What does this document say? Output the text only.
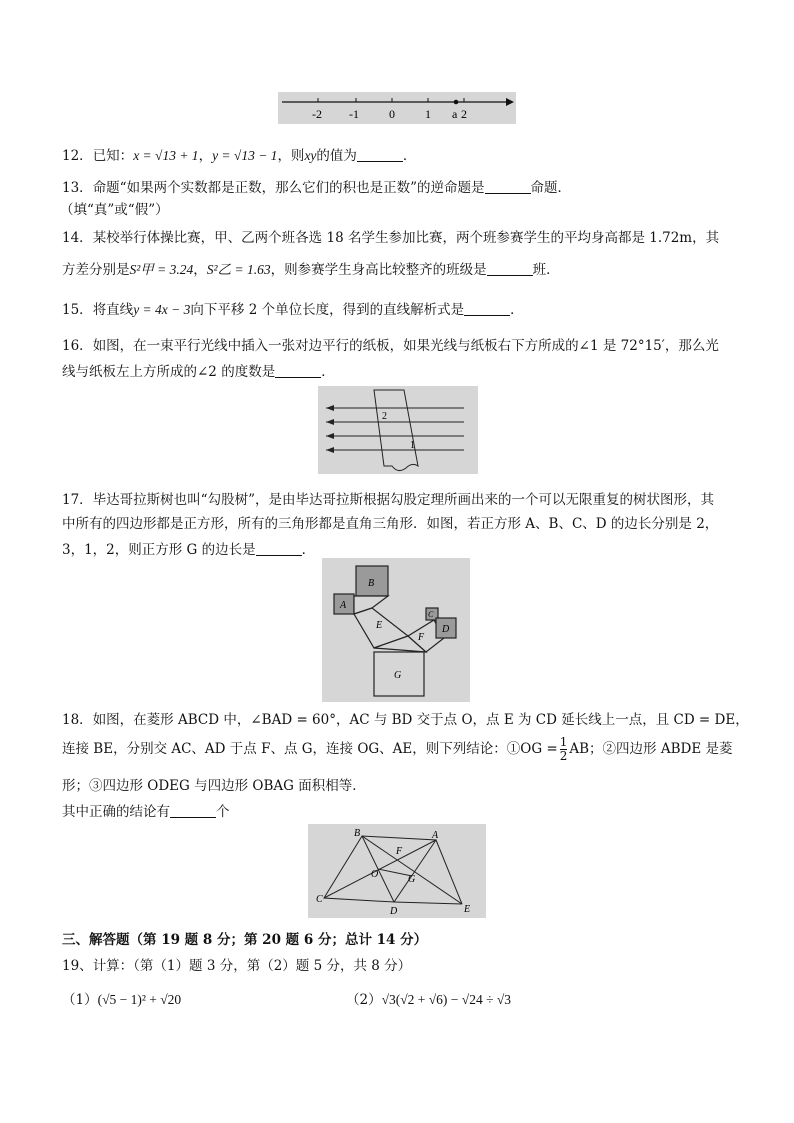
-2 -1	0	1 a 2
12．已知：x = √13 + 1，y = √13 − 1，则xy的值为	．
13．命题“如果两个实数都是正数，那么它们的积也是正数”的逆命题是	命题．
（填“真”或“假”）
14．某校举行体操比赛，甲、乙两个班各选 18 名学生参加比赛，两个班参赛学生的平均身高都是 1.72m，其
方差分别是S²甲 = 3.24，S²乙 = 1.63，则参赛学生身高比较整齐的班级是	班．
15．将直线y = 4x − 3向下平移 2 个单位长度，得到的直线解析式是	．
16．如图，在一束平行光线中插入一张对边平行的纸板，如果光线与纸板右下方所成的∠1 是 72°15′，那么光
线与纸板左上方所成的∠2 的度数是	．
2
1
17．毕达哥拉斯树也叫“勾股树”，是由毕达哥拉斯根据勾股定理所画出来的一个可以无限重复的树状图形，其
中所有的四边形都是正方形，所有的三角形都是直角三角形．如图，若正方形 A、B、C、D 的边长分别是 2，
3，1，2，则正方形 G 的边长是	．
B
A
E
C
D
F
G
18．如图，在菱形 ABCD 中，∠BAD = 60°，AC 与 BD 交于点 O，点 E 为 CD 延长线上一点，且 CD = DE，
连接 BE，分别交 AC、AD 于点 F、点 G，连接 OG、AE，则下列结论：①OG = $\frac{1}{2}$ AB；②四边形 ABDE 是菱
形；③四边形 ODEG 与四边形 OBAG 面积相等．
其中正确的结论有	个
B	A
F
O	G
C
D	E
三、解答题（第 19 题 8 分；第 20 题 6 分；总计 14 分）
19、计算：（第（1）题 3 分，第（2）题 5 分，共 8 分）
（1）(√5 − 1)² + √20	（2）√3(√2 + √6) − √24 ÷ √3
